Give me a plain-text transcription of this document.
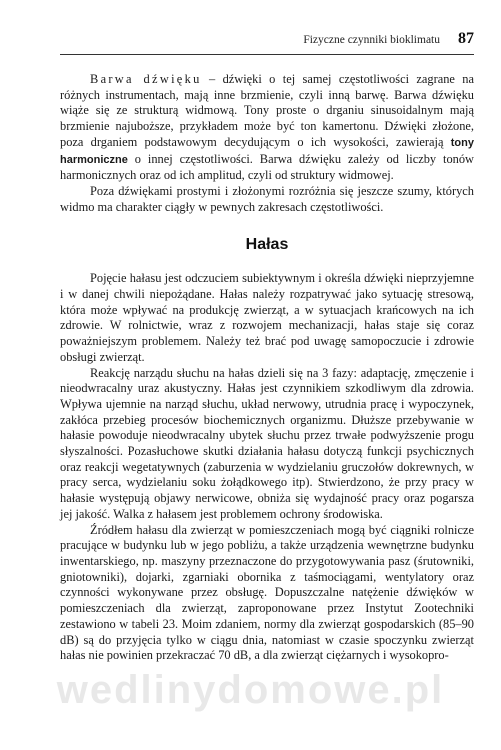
Fizyczne czynniki bioklimatu	87

Barwa dźwięku – dźwięki o tej samej częstotliwości zagrane na różnych instrumentach, mają inne brzmienie, czyli inną barwę. Barwa dźwięku wiąże się ze strukturą widmową. Tony proste o drganiu sinusoidalnym mają brzmienie najuboższe, przykładem może być ton kamertonu. Dźwięki złożone, poza drganiem podstawowym decydującym o ich wysokości, zawierają tony harmoniczne o innej częstotliwości. Barwa dźwięku zależy od liczby tonów harmonicznych oraz od ich amplitud, czyli od struktury widmowej.

Poza dźwiękami prostymi i złożonymi rozróżnia się jeszcze szumy, których widmo ma charakter ciągły w pewnych zakresach częstotliwości.

Hałas

Pojęcie hałasu jest odczuciem subiektywnym i określa dźwięki nieprzyjemne i w danej chwili niepożądane. Hałas należy rozpatrywać jako sytuację stresową, która może wpływać na produkcję zwierząt, a w sytuacjach krańcowych na ich zdrowie. W rolnictwie, wraz z rozwojem mechanizacji, hałas staje się coraz poważniejszym problemem. Należy też brać pod uwagę samopoczucie i zdrowie obsługi zwierząt.

Reakcję narządu słuchu na hałas dzieli się na 3 fazy: adaptację, zmęczenie i nieodwracalny uraz akustyczny. Hałas jest czynnikiem szkodliwym dla zdrowia. Wpływa ujemnie na narząd słuchu, układ nerwowy, utrudnia pracę i wypoczynek, zakłóca przebieg procesów biochemicznych organizmu. Dłuższe przebywanie w hałasie powoduje nieodwracalny ubytek słuchu przez trwałe podwyższenie progu słyszalności. Pozasłuchowe skutki działania hałasu dotyczą funkcji psychicznych oraz reakcji wegetatywnych (zaburzenia w wydzielaniu gruczołów dokrewnych, w pracy serca, wydzielaniu soku żołądkowego itp). Stwierdzono, że przy pracy w hałasie występują objawy nerwicowe, obniża się wydajność pracy oraz pogarsza jej jakość. Walka z hałasem jest problemem ochrony środowiska.

Źródłem hałasu dla zwierząt w pomieszczeniach mogą być ciągniki rolnicze pracujące w budynku lub w jego pobliżu, a także urządzenia wewnętrzne budynku inwentarskiego, np. maszyny przeznaczone do przygotowywania pasz (śrutowniki, gniotowniki), dojarki, zgarniaki obornika z taśmociągami, wentylatory oraz czynności wykonywane przez obsługę. Dopuszczalne natężenie dźwięków w pomieszczeniach dla zwierząt, zaproponowane przez Instytut Zootechniki zestawiono w tabeli 23. Moim zdaniem, normy dla zwierząt gospodarskich (85–90 dB) są do przyjęcia tylko w ciągu dnia, natomiast w czasie spoczynku zwierząt hałas nie powinien przekraczać 70 dB, a dla zwierząt ciężarnych i wysokopro-

wedlinydomowe.pl
